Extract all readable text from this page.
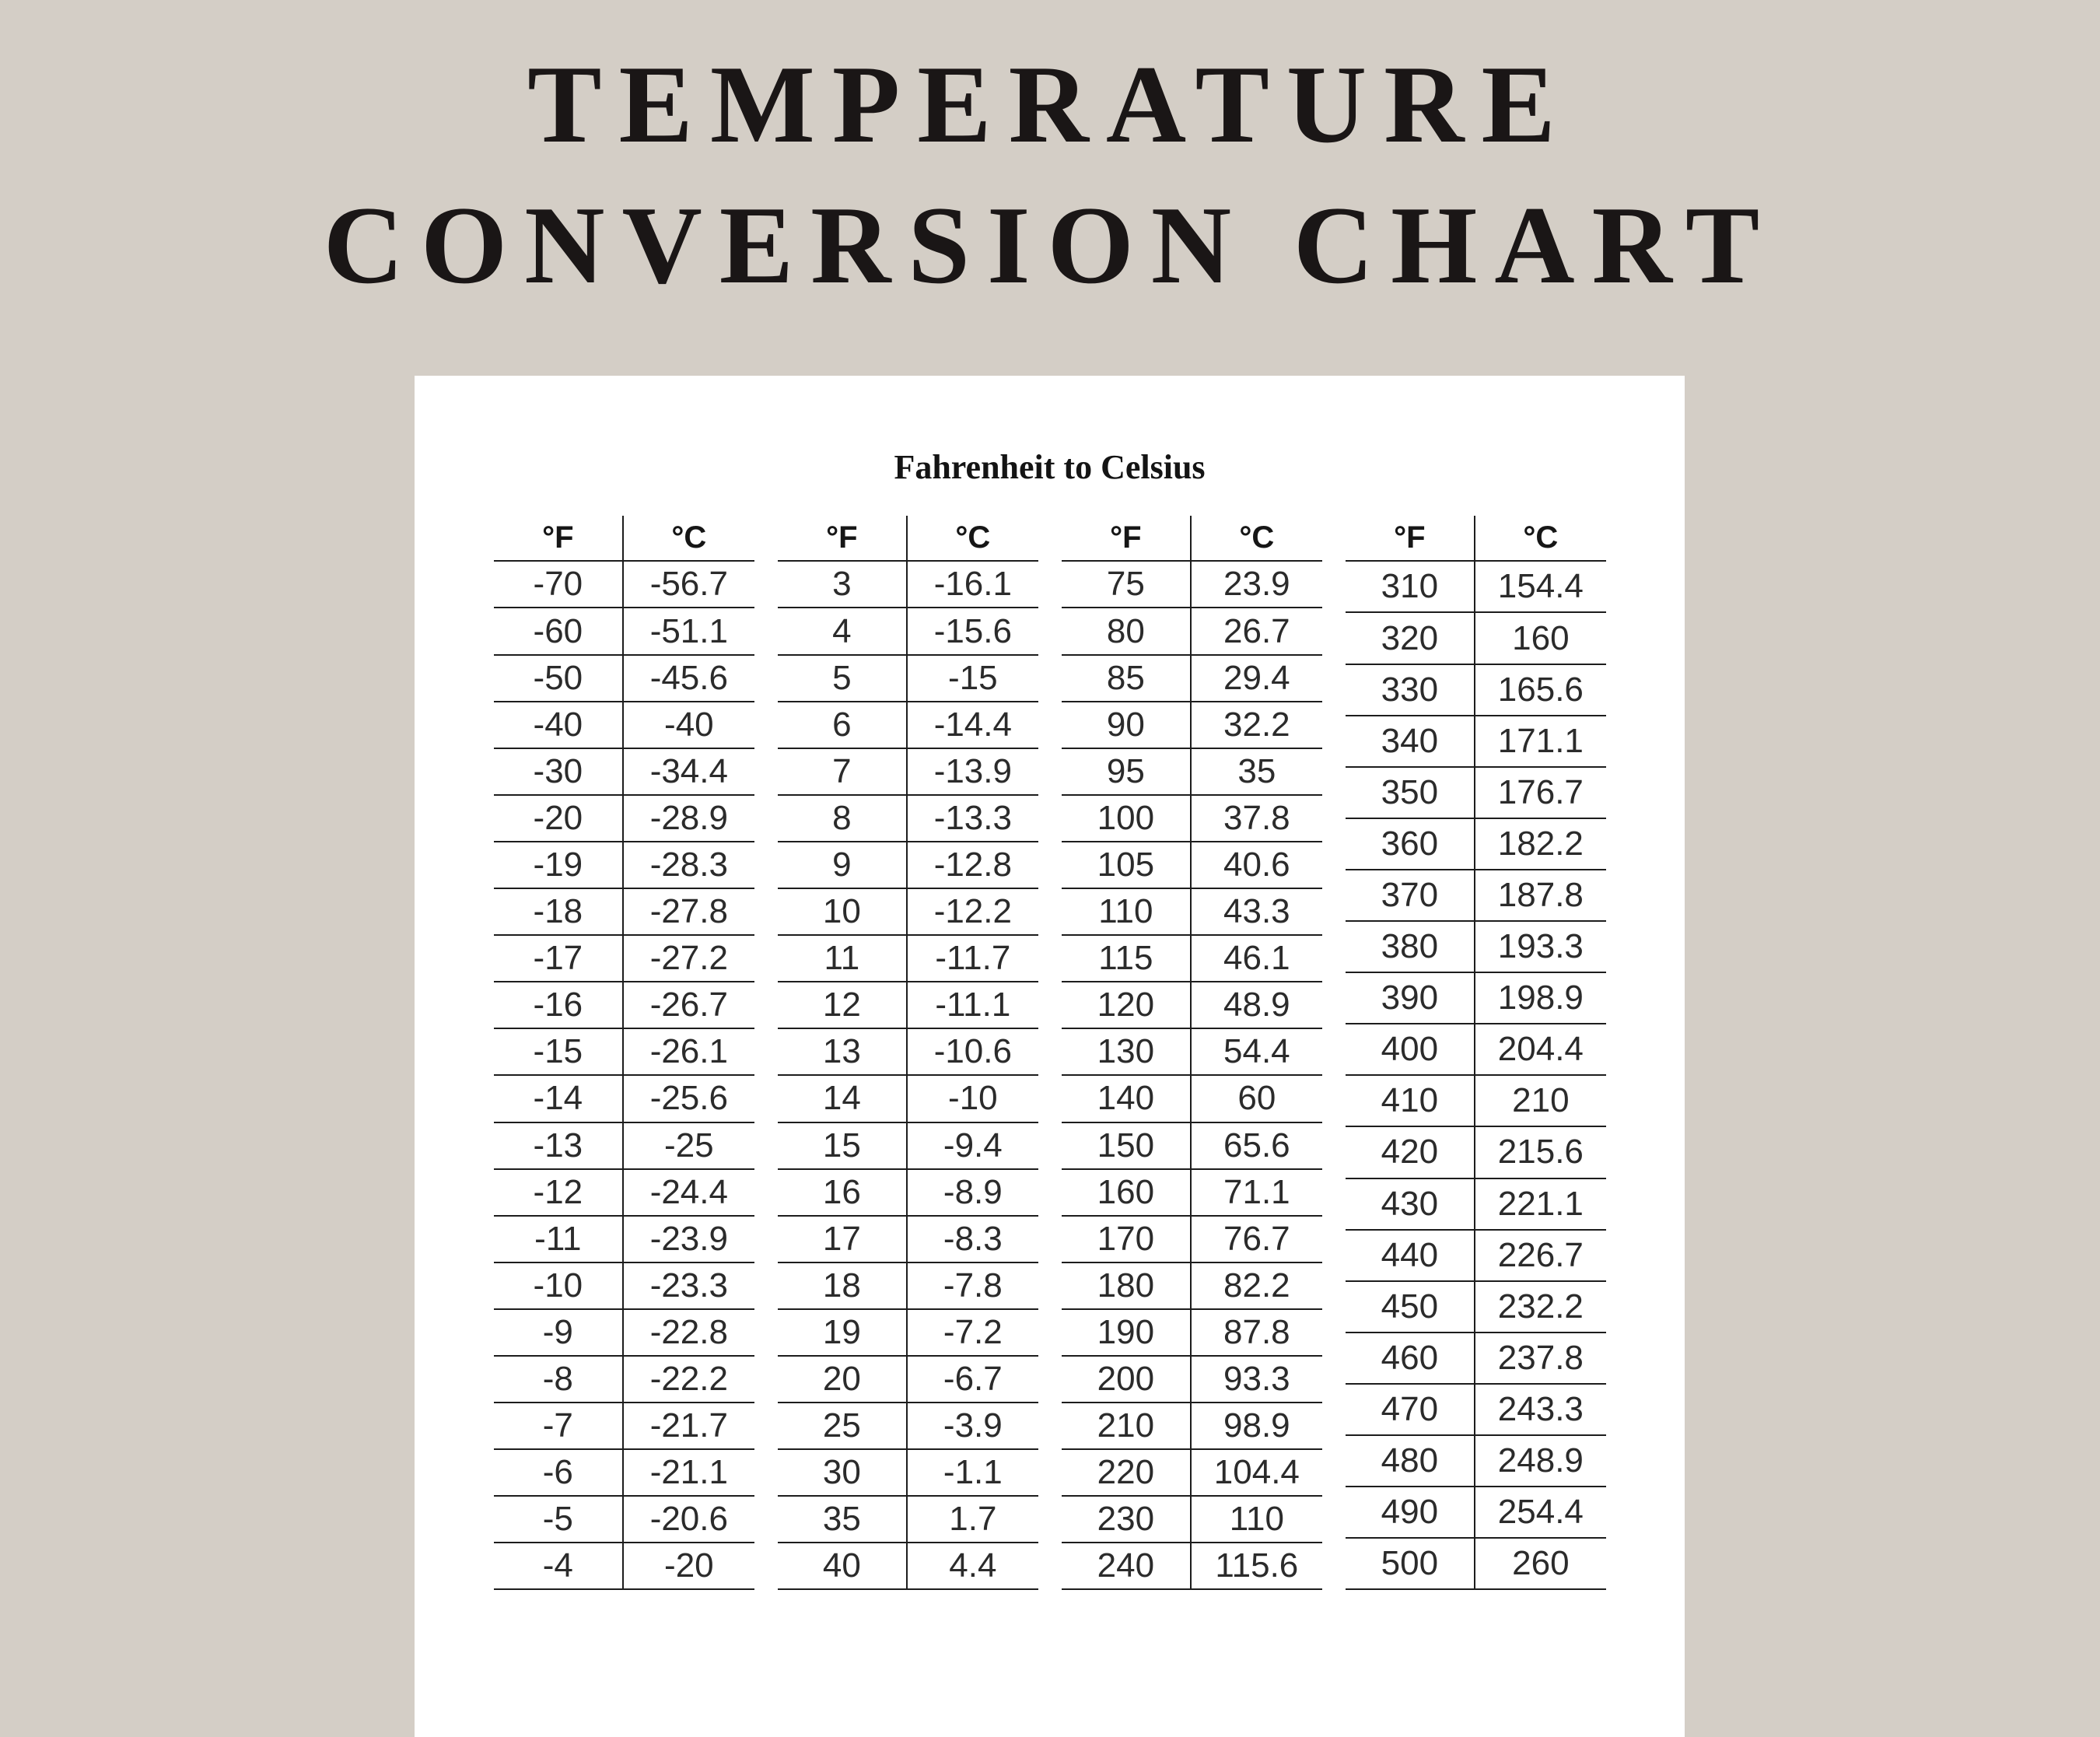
TEMPERATURE
CONVERSION CHART
Fahrenheit to Celsius
°F	°C
-70	-56.7
-60	-51.1
-50	-45.6
-40	-40
-30	-34.4
-20	-28.9
-19	-28.3
-18	-27.8
-17	-27.2
-16	-26.7
-15	-26.1
-14	-25.6
-13	-25
-12	-24.4
-11	-23.9
-10	-23.3
-9	-22.8
-8	-22.2
-7	-21.7
-6	-21.1
-5	-20.6
-4	-20
°F	°C
3	-16.1
4	-15.6
5	-15
6	-14.4
7	-13.9
8	-13.3
9	-12.8
10	-12.2
11	-11.7
12	-11.1
13	-10.6
14	-10
15	-9.4
16	-8.9
17	-8.3
18	-7.8
19	-7.2
20	-6.7
25	-3.9
30	-1.1
35	1.7
40	4.4
°F	°C
75	23.9
80	26.7
85	29.4
90	32.2
95	35
100	37.8
105	40.6
110	43.3
115	46.1
120	48.9
130	54.4
140	60
150	65.6
160	71.1
170	76.7
180	82.2
190	87.8
200	93.3
210	98.9
220	104.4
230	110
240	115.6
°F	°C
310	154.4
320	160
330	165.6
340	171.1
350	176.7
360	182.2
370	187.8
380	193.3
390	198.9
400	204.4
410	210
420	215.6
430	221.1
440	226.7
450	232.2
460	237.8
470	243.3
480	248.9
490	254.4
500	260
